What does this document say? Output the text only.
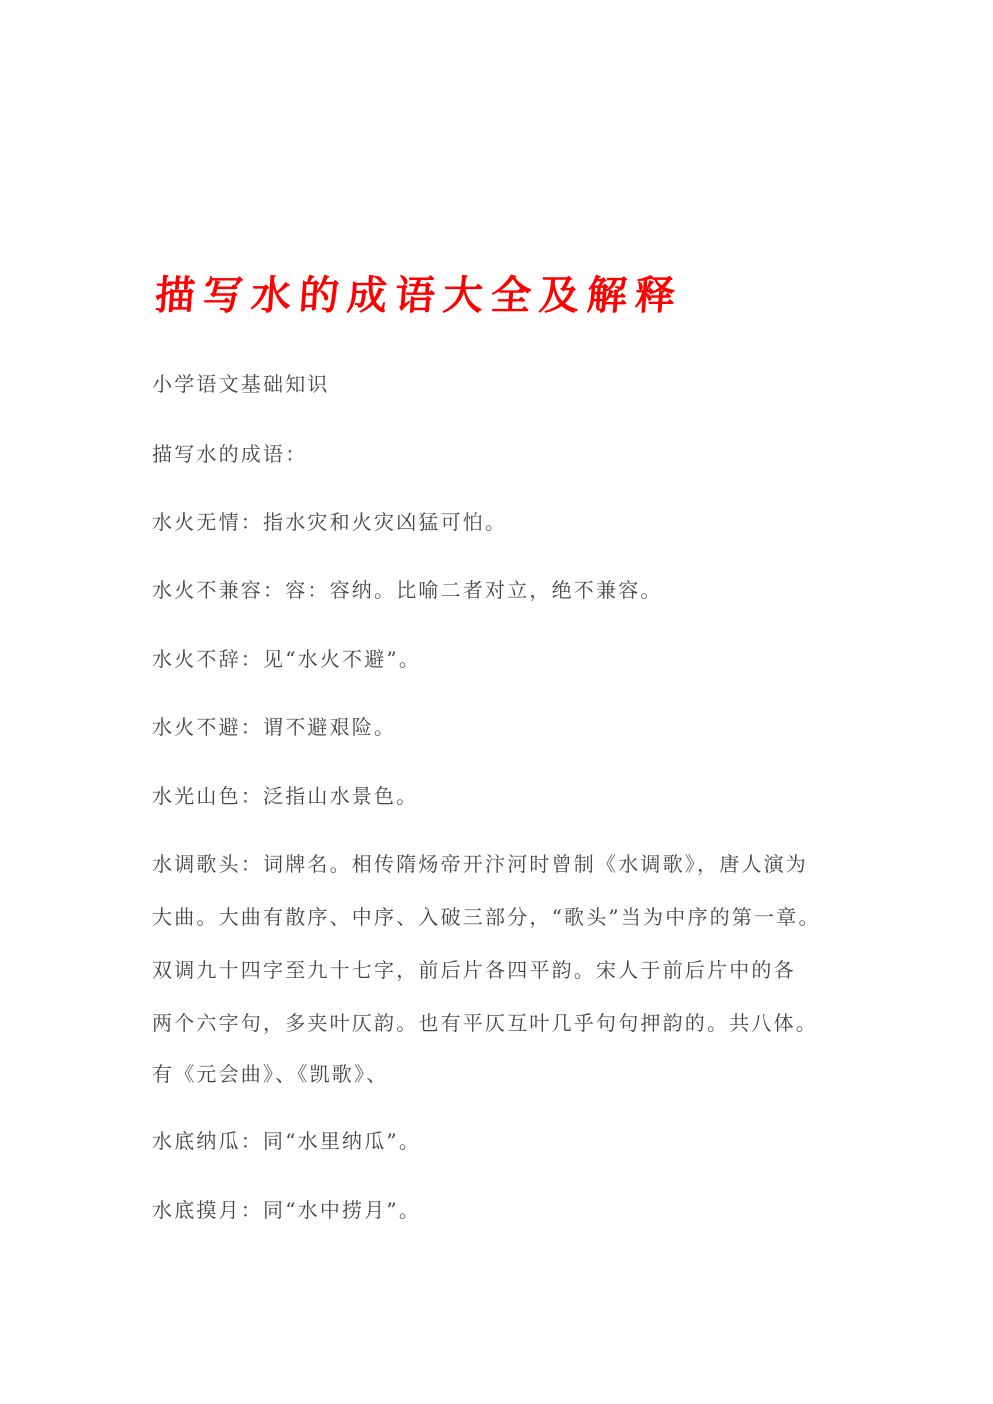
描写水的成语大全及解释
小学语文基础知识
描写水的成语：
水火无情：指水灾和火灾凶猛可怕。
水火不兼容：容：容纳。比喻二者对立，绝不兼容。
水火不辞：见“水火不避”。
水火不避：谓不避艰险。
水光山色：泛指山水景色。
水调歌头：词牌名。相传隋炀帝开汴河时曾制《水调歌》，唐人演为
大曲。大曲有散序、中序、入破三部分，“歌头”当为中序的第一章。
双调九十四字至九十七字，前后片各四平韵。宋人于前后片中的各
两个六字句，多夹叶仄韵。也有平仄互叶几乎句句押韵的。共八体。
有《元会曲》、《凯歌》、
水底纳瓜：同“水里纳瓜”。
水底摸月：同“水中捞月”。
